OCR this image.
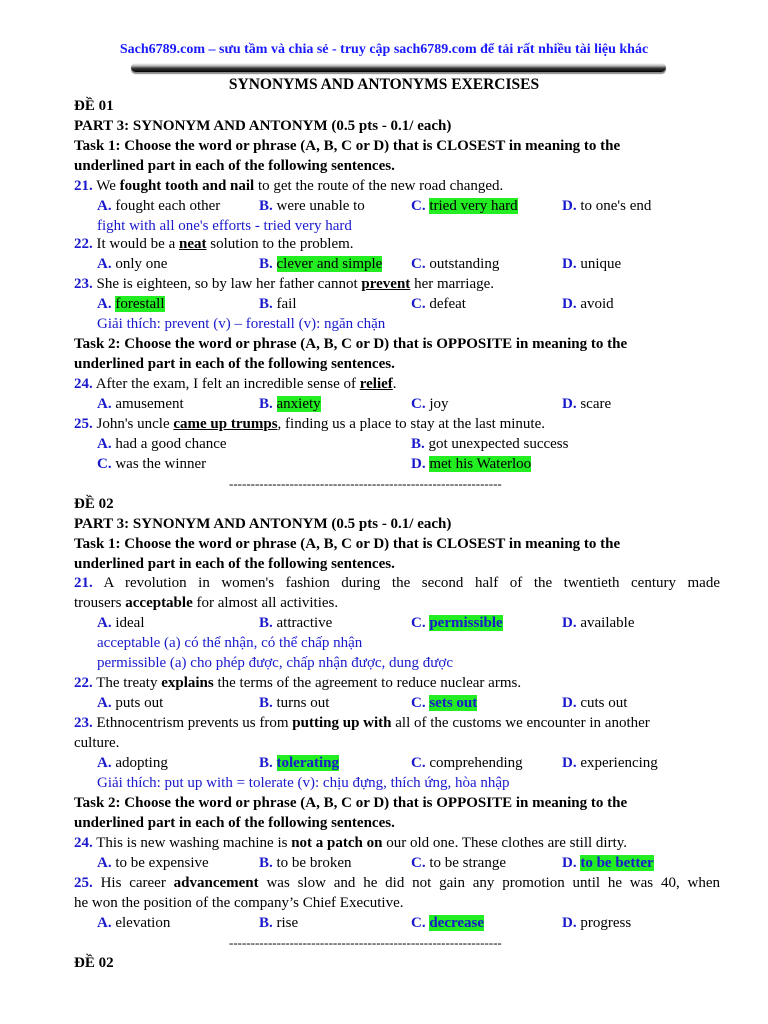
Sach6789.com – sưu tầm và chia sẻ - truy cập sach6789.com để tải rất nhiều tài liệu khác
SYNONYMS AND ANTONYMS EXERCISES
ĐỀ 01
PART 3: SYNONYM AND ANTONYM (0.5 pts - 0.1/ each)
Task 1: Choose the word or phrase (A, B, C or D) that is CLOSEST in meaning to the
underlined part in each of the following sentences.
21. We fought tooth and nail to get the route of the new road changed.
A. fought each other	B. were unable to	C. tried very hard	D. to one's end
fight with all one's efforts - tried very hard
22. It would be a neat solution to the problem.
A. only one	B. clever and simple C. outstanding	D. unique
23. She is eighteen, so by law her father cannot prevent her marriage.
A. forestall	B. fail	C. defeat	D. avoid
Giải thích: prevent (v) – forestall (v): ngăn chặn
Task 2: Choose the word or phrase (A, B, C or D) that is OPPOSITE in meaning to the
underlined part in each of the following sentences.
24. After the exam, I felt an incredible sense of relief.
A. amusement	B. anxiety	C. joy	D. scare
25. John's uncle came up trumps, finding us a place to stay at the last minute.
A. had a good chance	B. got unexpected success
C. was the winner	D. met his Waterloo
---------------------------------------------------------------
ĐỀ 02
PART 3: SYNONYM AND ANTONYM (0.5 pts - 0.1/ each)
Task 1: Choose the word or phrase (A, B, C or D) that is CLOSEST in meaning to the
underlined part in each of the following sentences.
21. A revolution in women's fashion during the second half of the twentieth century made
trousers acceptable for almost all activities.
A. ideal	B. attractive	C. permissible	D. available
acceptable (a) có thể nhận, có thể chấp nhận
permissible (a) cho phép được, chấp nhận được, dung được
22. The treaty explains the terms of the agreement to reduce nuclear arms.
A. puts out	B. turns out	C. sets out	D. cuts out
23. Ethnocentrism prevents us from putting up with all of the customs we encounter in another
culture.
A. adopting	B. tolerating	C. comprehending	D. experiencing
Giải thích: put up with = tolerate (v): chịu đựng, thích ứng, hòa nhập
Task 2: Choose the word or phrase (A, B, C or D) that is OPPOSITE in meaning to the
underlined part in each of the following sentences.
24. This is new washing machine is not a patch on our old one. These clothes are still dirty.
A. to be expensive	B. to be broken	C. to be strange	D. to be better
25. His career advancement was slow and he did not gain any promotion until he was 40, when
he won the position of the company’s Chief Executive.
A. elevation	B. rise	C. decrease	D. progress
---------------------------------------------------------------
ĐỀ 02
